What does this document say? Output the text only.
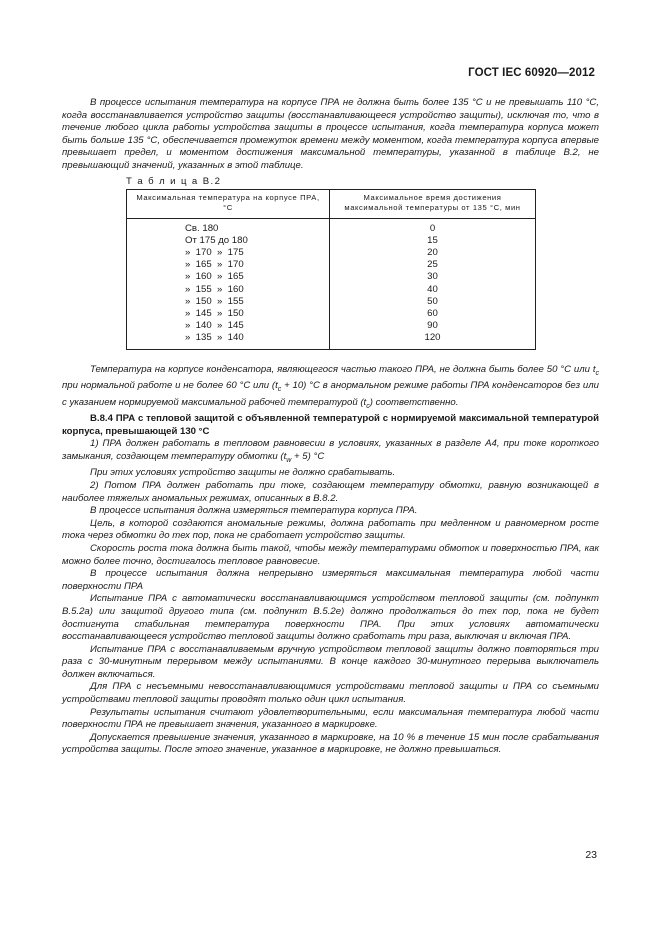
ГОСТ IEC 60920—2012

В процессе испытания температура на корпусе ПРА не должна быть более 135 °С и не превышать 110 °С, когда восстанавливается устройство защиты (восстанавливающееся устройство защиты), исключая то, что в течение любого цикла работы устройства защиты в процессе испытания, когда температура корпуса может быть больше 135 °С, обеспечивается промежуток времени между моментом, когда температура корпуса впервые превышает предел, и моментом достижения максимальной температуры, указанной в таблице B.2, не превышающий значений, указанных в этой таблице.

Т а б л и ц а B.2
Максимальная температура на корпусе ПРА, °С	Максимальное время достижения максимальной температуры от 135 °С, мин
Св. 180	0
От 175 до 180	15
»  170  »  175	20
»  165  »  170	25
»  160  »  165	30
»  155  »  160	40
»  150  »  155	50
»  145  »  150	60
»  140  »  145	90
»  135  »  140	120

Температура на корпусе конденсатора, являющегося частью такого ПРА, не должна быть более 50 °С или $t_c$ при нормальной работе и не более 60 °С или $(t_c + 10)$ °С в анормальном режиме работы ПРА конденсаторов без или с указанием нормируемой максимальной рабочей температурой $(t_c)$ соответственно.

B.8.4 ПРА с тепловой защитой с объявленной температурой с нормируемой максимальной температурой корпуса, превышающей 130 °С

1) ПРА должен работать в тепловом равновесии в условиях, указанных в разделе A4, при токе короткого замыкания, создающем температуру обмотки $(t_w + 5)$ °С

При этих условиях устройство защиты не должно срабатывать.

2) Потом ПРА должен работать при токе, создающем температуру обмотки, равную возникающей в наиболее тяжелых аномальных режимах, описанных в B.8.2.

В процессе испытания должна измеряться температура корпуса ПРА.

Цель, в которой создаются аномальные режимы, должна работать при медленном и равномерном росте тока через обмотки до тех пор, пока не сработает устройство защиты.

Скорость роста тока должна быть такой, чтобы между температурами обмоток и поверхностью ПРА, как можно более точно, достигалось тепловое равновесие.

В процессе испытания должна непрерывно измеряться максимальная температура любой части поверхности ПРА

Испытание ПРА с автоматически восстанавливающимся устройством тепловой защиты (см. подпункт B.5.2a) или защитой другого типа (см. подпункт B.5.2e) должно продолжаться до тех пор, пока не будет достигнута стабильная температура поверхности ПРА. При этих условиях автоматически восстанавливающееся устройство тепловой защиты должно сработать три раза, выключая и включая ПРА.

Испытание ПРА с восстанавливаемым вручную устройством тепловой защиты должно повторяться три раза с 30-минутным перерывом между испытаниями. В конце каждого 30-минутного перерыва выключатель должен включаться.

Для ПРА с несъемными невосстанавливающимися устройствами тепловой защиты и ПРА со съемными устройствами тепловой защиты проводят только один цикл испытания.

Результаты испытания считают удовлетворительными, если максимальная температура любой части поверхности ПРА не превышает значения, указанного в маркировке.

Допускается превышение значения, указанного в маркировке, на 10 % в течение 15 мин после срабатывания устройства защиты. После этого значение, указанное в маркировке, не должно превышаться.

23
